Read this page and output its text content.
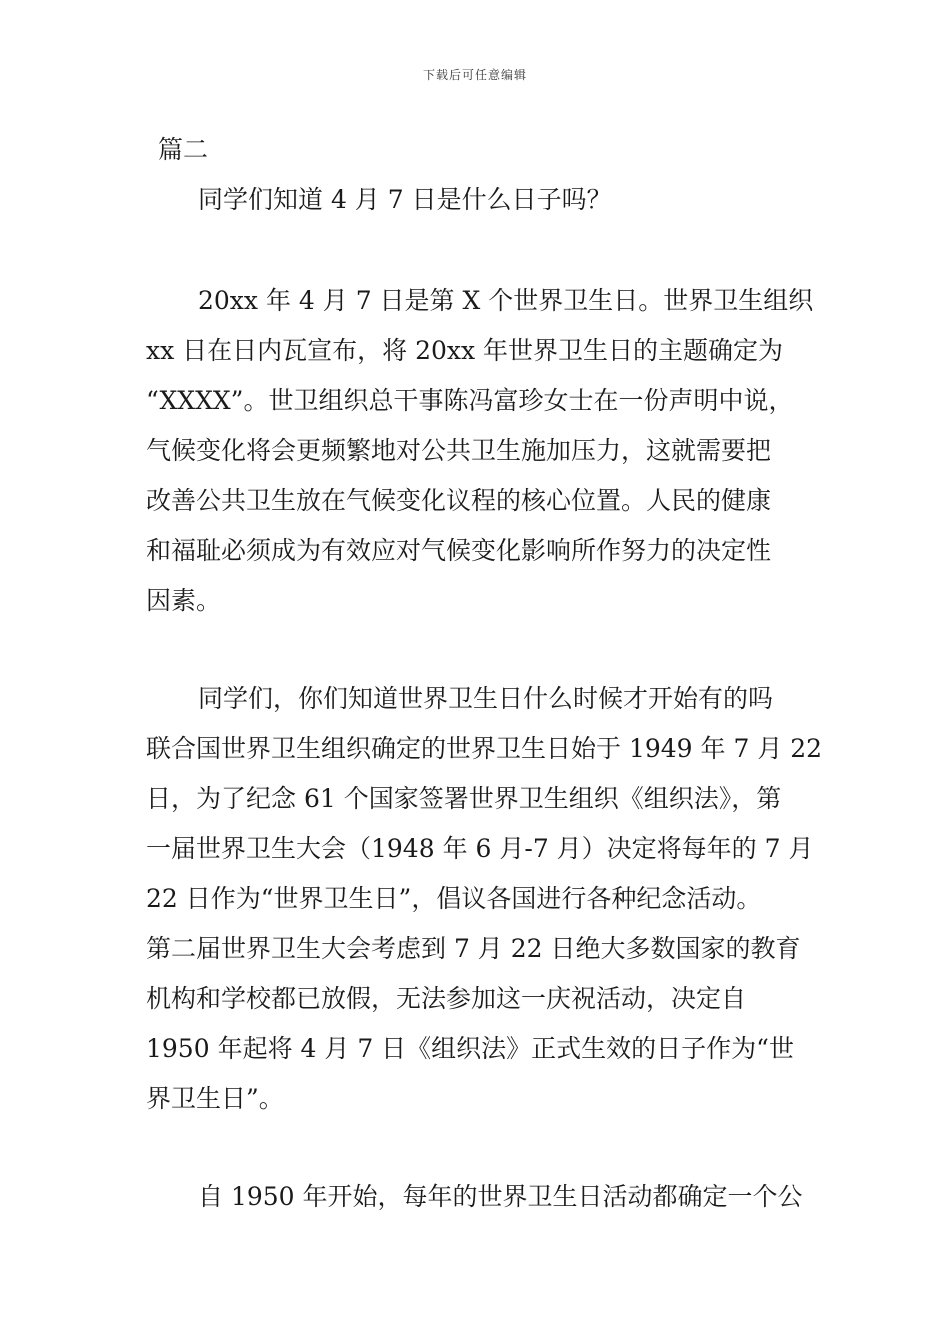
下载后可任意编辑
篇二
同学们知道 4 月 7 日是什么日子吗？
20xx 年 4 月 7 日是第 X 个世界卫生日。世界卫生组织
xx 日在日内瓦宣布，将 20xx 年世界卫生日的主题确定为
“XXXX”。世卫组织总干事陈冯富珍女士在一份声明中说，
气候变化将会更频繁地对公共卫生施加压力，这就需要把
改善公共卫生放在气候变化议程的核心位置。人民的健康
和福耻必须成为有效应对气候变化影响所作努力的决定性
因素。
同学们，你们知道世界卫生日什么时候才开始有的吗
联合国世界卫生组织确定的世界卫生日始于 1949 年 7 月 22
日，为了纪念 61 个国家签署世界卫生组织《组织法》，第
一届世界卫生大会（1948 年 6 月-7 月）决定将每年的 7 月
22 日作为“世界卫生日”，倡议各国进行各种纪念活动。
第二届世界卫生大会考虑到 7 月 22 日绝大多数国家的教育
机构和学校都已放假，无法参加这一庆祝活动，决定自
1950 年起将 4 月 7 日《组织法》正式生效的日子作为“世
界卫生日”。
自 1950 年开始，每年的世界卫生日活动都确定一个公
